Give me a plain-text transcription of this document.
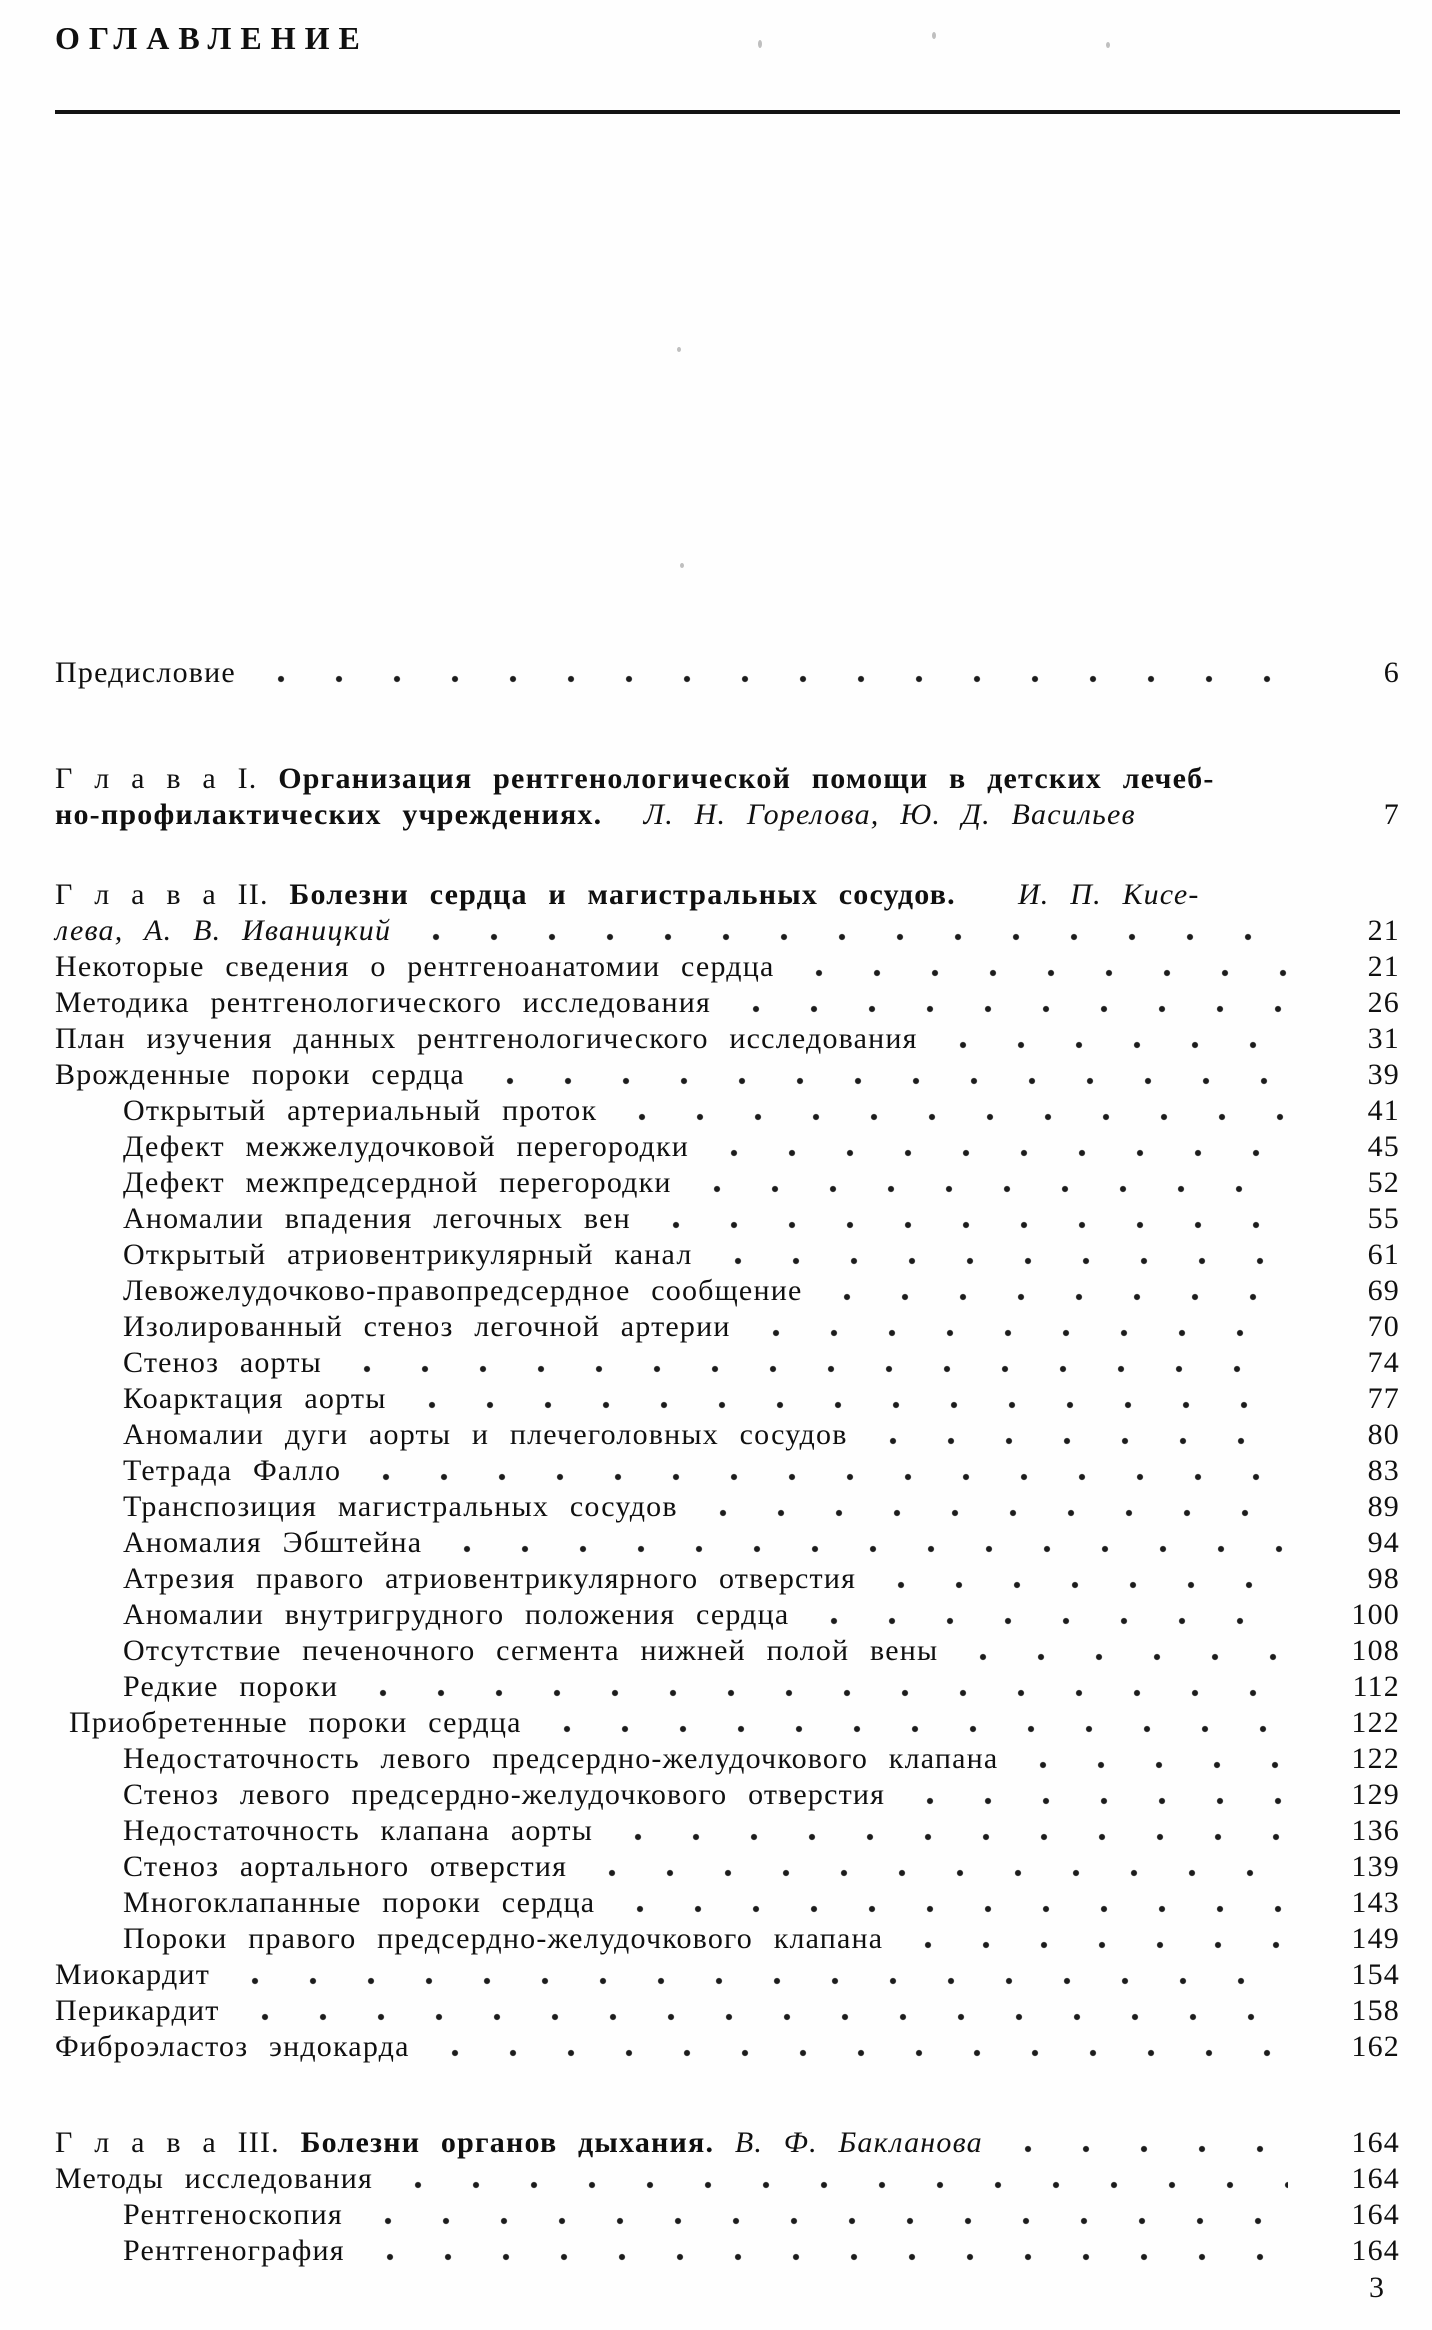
ОГЛАВЛЕНИЕ
Предисловие	6
Г л а в а I. Организация рентгенологической помощи в детских лечеб-
но-профилактических учреждениях.  Л. Н. Горелова, Ю. Д. Васильев	7
Г л а в а II. Болезни сердца и магистральных сосудов.   И. П. Кисе-
лева, А. В. Иваницкий	21
Некоторые сведения о рентгеноанатомии сердца	21
Методика рентгенологического исследования	26
План изучения данных рентгенологического исследования	31
Врожденные пороки сердца	39
Открытый артериальный проток	41
Дефект межжелудочковой перегородки	45
Дефект межпредсердной перегородки	52
Аномалии впадения легочных вен	55
Открытый атриовентрикулярный канал	61
Левожелудочково-правопредсердное сообщение	69
Изолированный стеноз легочной артерии	70
Стеноз аорты	74
Коарктация аорты	77
Аномалии дуги аорты и плечеголовных сосудов	80
Тетрада Фалло	83
Транспозиция магистральных сосудов	89
Аномалия Эбштейна	94
Атрезия правого атриовентрикулярного отверстия	98
Аномалии внутригрудного положения сердца	100
Отсутствие печеночного сегмента нижней полой вены	108
Редкие пороки	112
Приобретенные пороки сердца	122
Недостаточность левого предсердно-желудочкового клапана	122
Стеноз левого предсердно-желудочкового отверстия	129
Недостаточность клапана аорты	136
Стеноз аортального отверстия	139
Многоклапанные пороки сердца	143
Пороки правого предсердно-желудочкового клапана	149
Миокардит	154
Перикардит	158
Фиброэластоз эндокарда	162
Г л а в а III. Болезни органов дыхания. В. Ф. Бакланова	164
Методы исследования	164
Рентгеноскопия	164
Рентгенография	164
3
